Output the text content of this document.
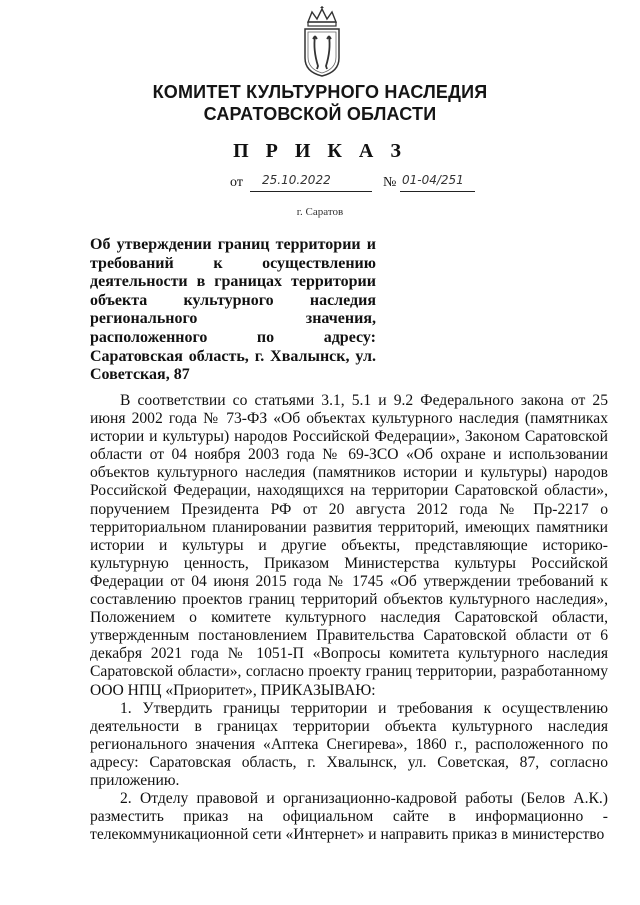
КОМИТЕТ КУЛЬТУРНОГО НАСЛЕДИЯ
САРАТОВСКОЙ ОБЛАСТИ
П Р И К А З
от 25.10.2022	№ 01-04/251
г. Саратов
Об утверждении границ территории и требований к осуществлению деятельности в границах территории объекта культурного наследия регионального значения, расположенного по адресу: Саратовская область, г. Хвалынск, ул. Советская, 87

В соответствии со статьями 3.1, 5.1 и 9.2 Федерального закона от 25 июня 2002 года № 73-ФЗ «Об объектах культурного наследия (памятниках истории и культуры) народов Российской Федерации», Законом Саратовской области от 04 ноября 2003 года № 69-ЗСО «Об охране и использовании объектов культурного наследия (памятников истории и культуры) народов Российской Федерации, находящихся на территории Саратовской области», поручением Президента РФ от 20 августа 2012 года № Пр-2217 о территориальном планировании развития территорий, имеющих памятники истории и культуры и другие объекты, представляющие историко-культурную ценность, Приказом Министерства культуры Российской Федерации от 04 июня 2015 года № 1745 «Об утверждении требований к составлению проектов границ территорий объектов культурного наследия», Положением о комитете культурного наследия Саратовской области, утвержденным постановлением Правительства Саратовской области от 6 декабря 2021 года № 1051-П «Вопросы комитета культурного наследия Саратовской области», согласно проекту границ территории, разработанному ООО НПЦ «Приоритет», ПРИКАЗЫВАЮ:

1. Утвердить границы территории и требования к осуществлению деятельности в границах территории объекта культурного наследия регионального значения «Аптека Снегирева», 1860 г., расположенного по адресу: Саратовская область, г. Хвалынск, ул. Советская, 87, согласно приложению.

2. Отделу правовой и организационно-кадровой работы (Белов А.К.) разместить приказ на официальном сайте в информационно - телекоммуникационной сети «Интернет» и направить приказ в министерство
